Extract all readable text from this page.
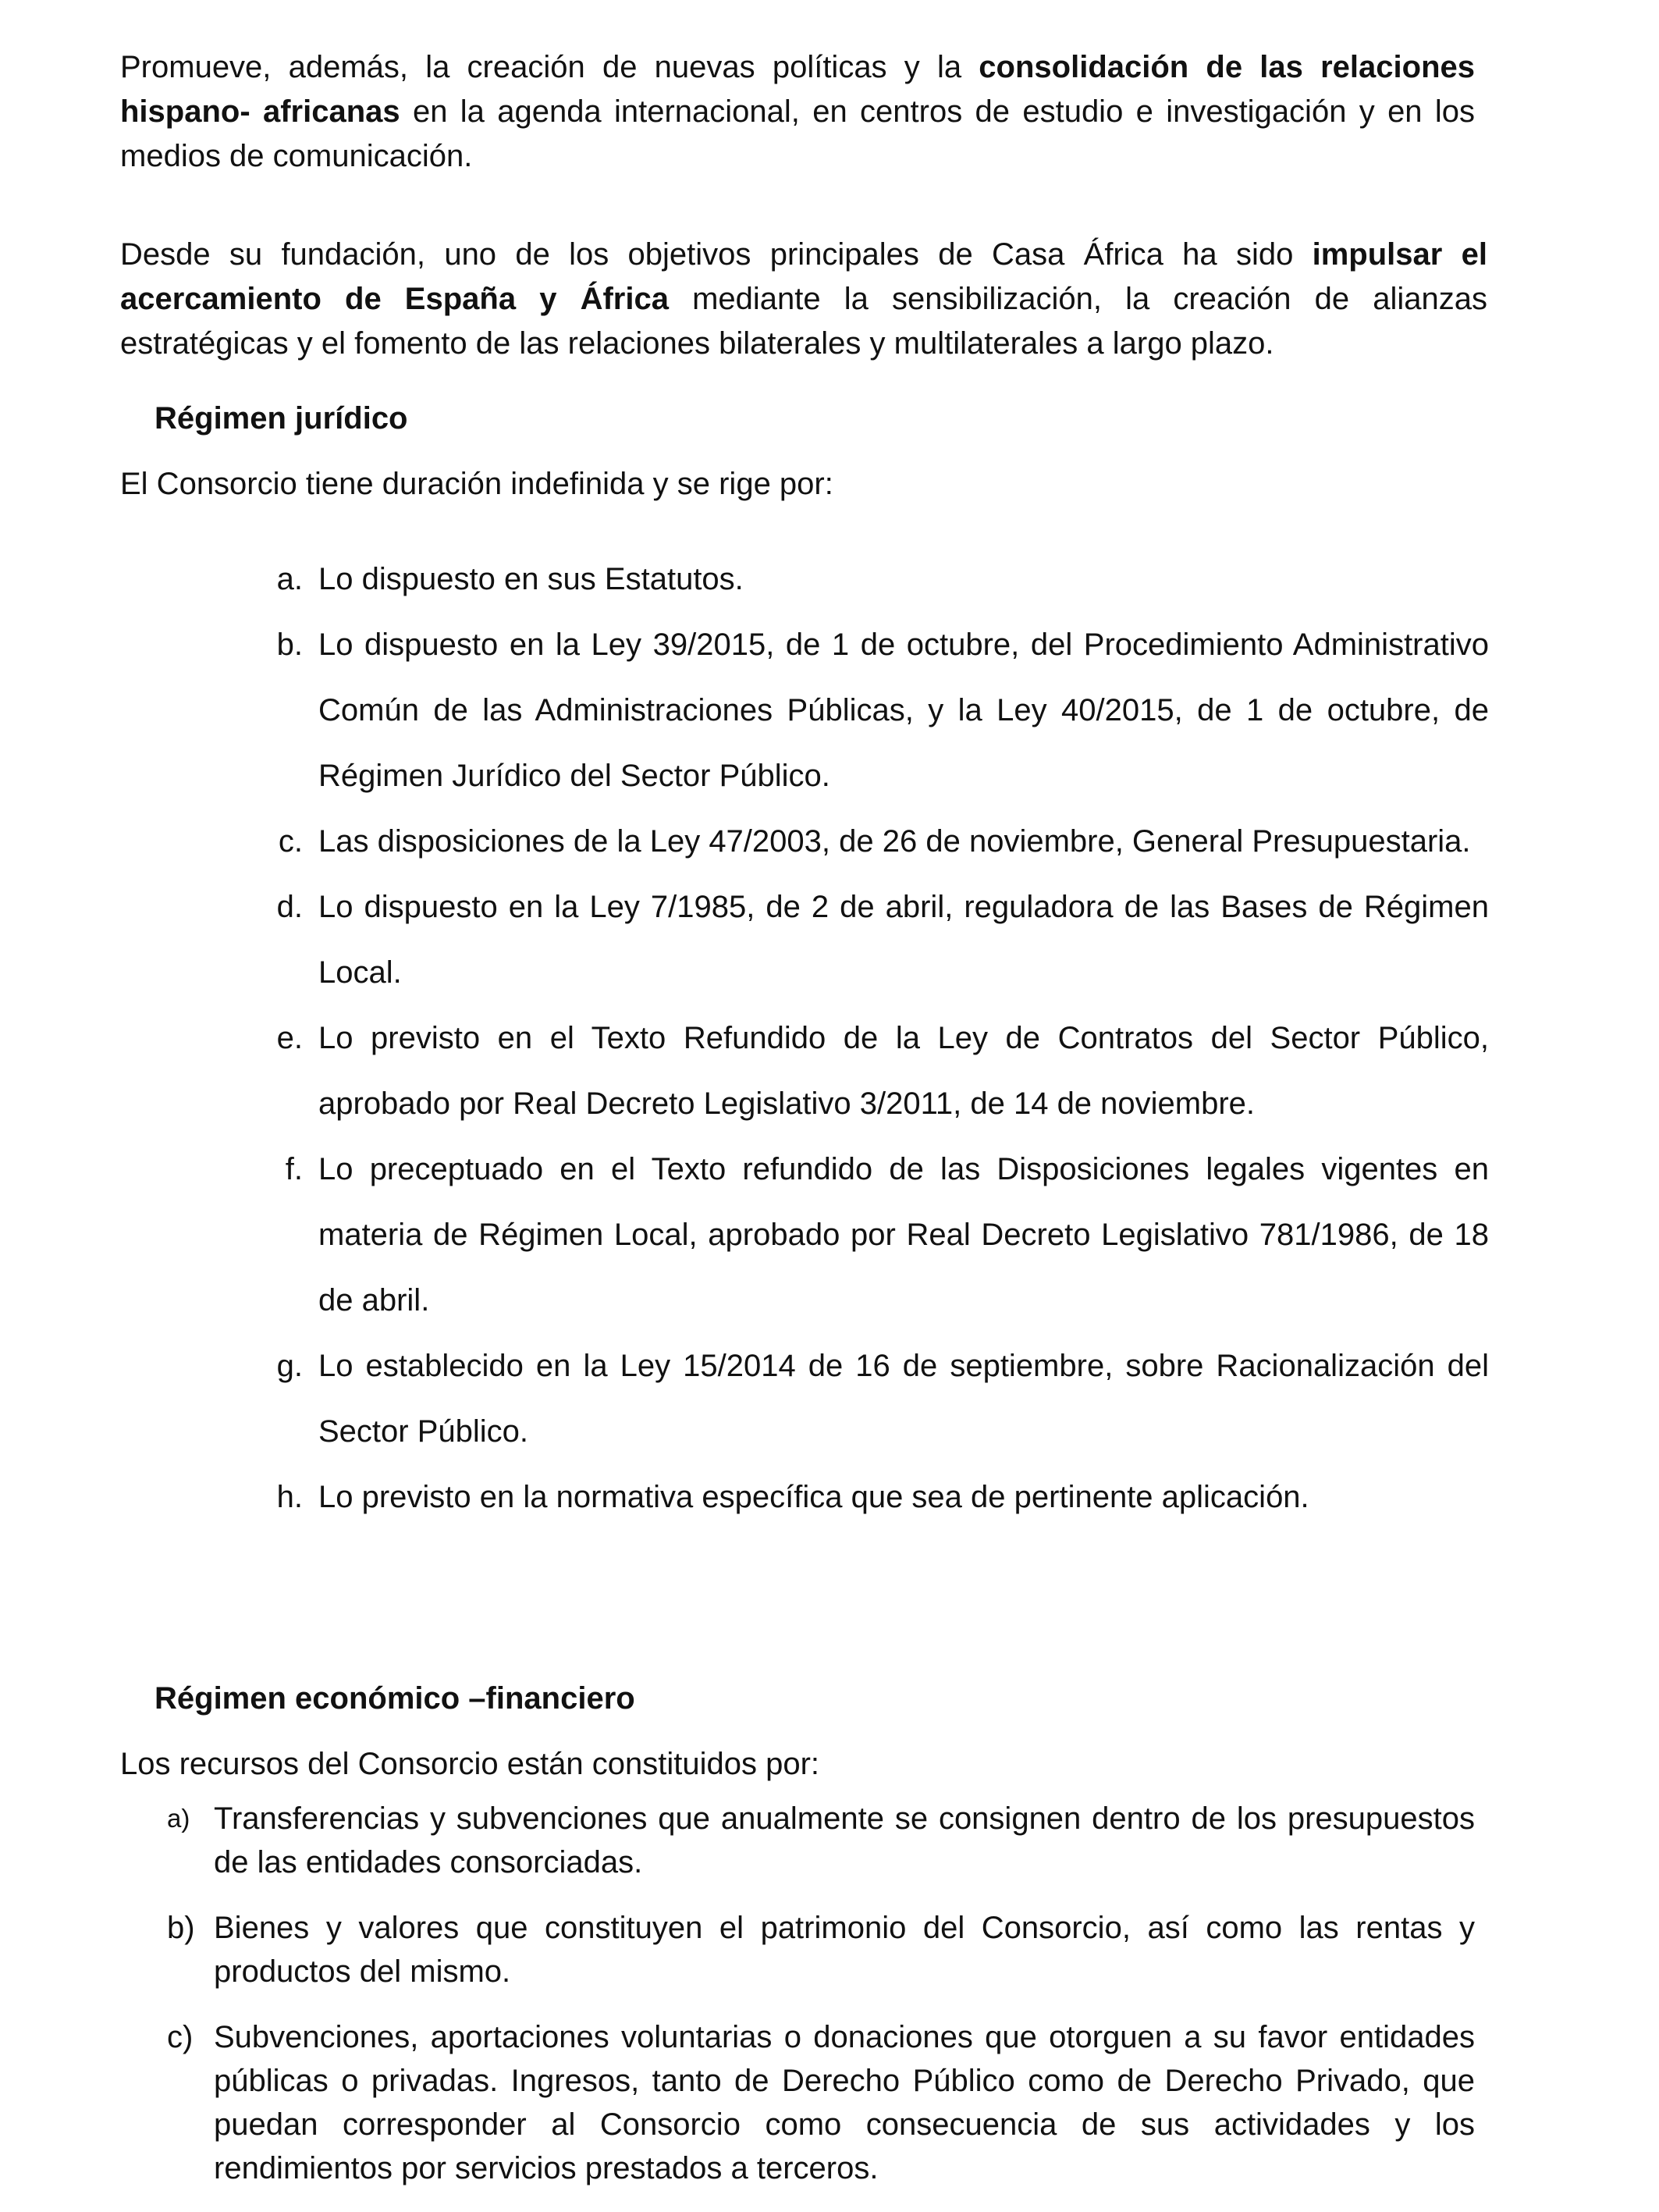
Promueve, además, la creación de nuevas políticas y la consolidación de las relaciones hispano- africanas en la agenda internacional, en centros de estudio e investigación y en los medios de comunicación.

Desde su fundación, uno de los objetivos principales de Casa África ha sido impulsar el acercamiento de España y África mediante la sensibilización, la creación de alianzas estratégicas y el fomento de las relaciones bilaterales y multilaterales a largo plazo.

Régimen jurídico

El Consorcio tiene duración indefinida y se rige por:

a. Lo dispuesto en sus Estatutos.
b. Lo dispuesto en la Ley 39/2015, de 1 de octubre, del Procedimiento Administrativo Común de las Administraciones Públicas, y la Ley 40/2015, de 1 de octubre, de Régimen Jurídico del Sector Público.
c. Las disposiciones de la Ley 47/2003, de 26 de noviembre, General Presupuestaria.
d. Lo dispuesto en la Ley 7/1985, de 2 de abril, reguladora de las Bases de Régimen Local.
e. Lo previsto en el Texto Refundido de la Ley de Contratos del Sector Público, aprobado por Real Decreto Legislativo 3/2011, de 14 de noviembre.
f. Lo preceptuado en el Texto refundido de las Disposiciones legales vigentes en materia de Régimen Local, aprobado por Real Decreto Legislativo 781/1986, de 18 de abril.
g. Lo establecido en la Ley 15/2014 de 16 de septiembre, sobre Racionalización del Sector Público.
h. Lo previsto en la normativa específica que sea de pertinente aplicación.
Régimen económico –financiero

Los recursos del Consorcio están constituidos por:

a) Transferencias y subvenciones que anualmente se consignen dentro de los presupuestos de las entidades consorciadas.
b) Bienes y valores que constituyen el patrimonio del Consorcio, así como las rentas y productos del mismo.
c) Subvenciones, aportaciones voluntarias o donaciones que otorguen a su favor entidades públicas o privadas. Ingresos, tanto de Derecho Público como de Derecho Privado, que puedan corresponder al Consorcio como consecuencia de sus actividades y los rendimientos por servicios prestados a terceros.
